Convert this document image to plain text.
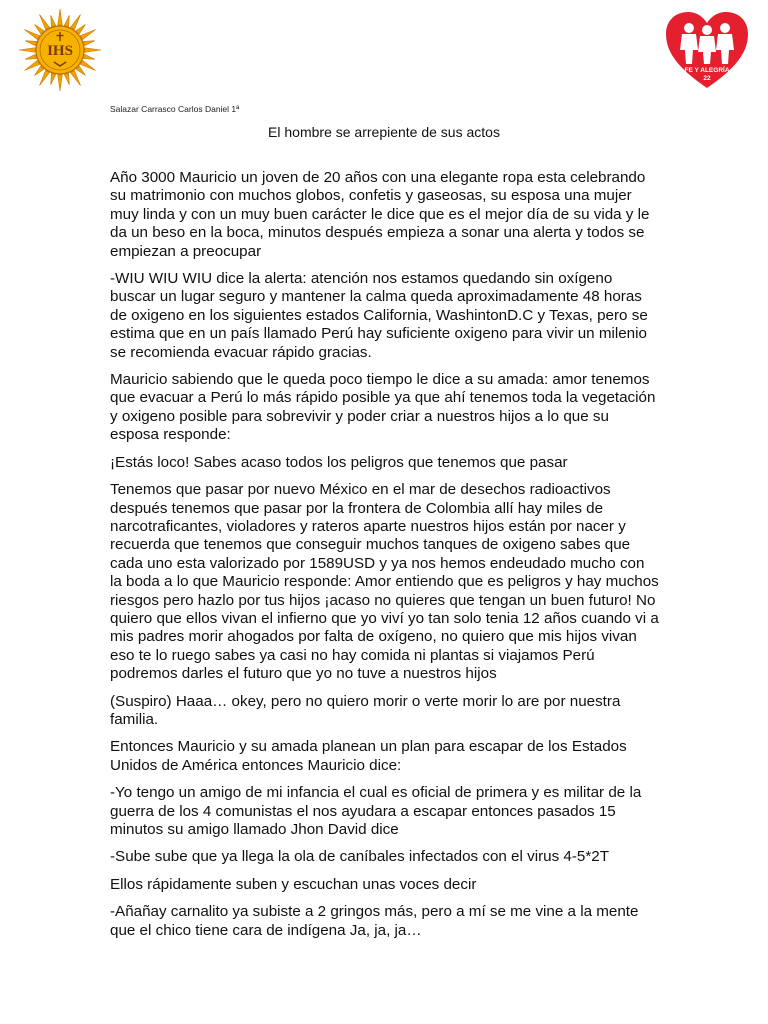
IHS
FE Y ALEGRÍA
22
Salazar Carrasco Carlos Daniel 1ª
El hombre se arrepiente de sus actos

Año 3000 Mauricio un joven de 20 años con una elegante ropa esta celebrando su matrimonio con muchos globos, confetis y gaseosas, su esposa una mujer muy linda y con un muy buen carácter le dice que es el mejor día de su vida y le da un beso en la boca, minutos después empieza a sonar una alerta y todos se empiezan a preocupar

-WIU WIU WIU dice la alerta: atención nos estamos quedando sin oxígeno buscar un lugar seguro y mantener la calma queda aproximadamente 48 horas de oxigeno en los siguientes estados California, WashintonD.C y Texas, pero se estima que en un país llamado Perú hay suficiente oxigeno para vivir un milenio se recomienda evacuar rápido gracias.

Mauricio sabiendo que le queda poco tiempo le dice a su amada: amor tenemos que evacuar a Perú lo más rápido posible ya que ahí tenemos toda la vegetación y oxigeno posible para sobrevivir y poder criar a nuestros hijos a lo que su esposa responde:

¡Estás loco! Sabes acaso todos los peligros que tenemos que pasar

Tenemos que pasar por nuevo México en el mar de desechos radioactivos después tenemos que pasar por la frontera de Colombia allí hay miles de narcotraficantes, violadores y rateros aparte nuestros hijos están por nacer y recuerda que tenemos que conseguir muchos tanques de oxigeno sabes que cada uno esta valorizado por 1589USD y ya nos hemos endeudado mucho con la boda a lo que Mauricio responde: Amor entiendo que es peligros y hay muchos riesgos pero hazlo por tus hijos ¡acaso no quieres que tengan un buen futuro! No quiero que ellos vivan el infierno que yo viví yo tan solo tenia 12 años cuando vi a mis padres morir ahogados por falta de oxígeno, no quiero que mis hijos vivan eso te lo ruego sabes ya casi no hay comida ni plantas si viajamos Perú podremos darles el futuro que yo no tuve a nuestros hijos

(Suspiro) Haaa… okey, pero no quiero morir o verte morir lo are por nuestra familia.

Entonces Mauricio y su amada planean un plan para escapar de los Estados Unidos de América entonces Mauricio dice:

-Yo tengo un amigo de mi infancia el cual es oficial de primera y es militar de la guerra de los 4 comunistas el nos ayudara a escapar entonces pasados 15 minutos su amigo llamado Jhon David dice

-Sube sube que ya llega la ola de caníbales infectados con el virus 4-5*2T

Ellos rápidamente suben y escuchan unas voces decir

-Añañay carnalito ya subiste a 2 gringos más, pero a mí se me vine a la mente que el chico tiene cara de indígena Ja, ja, ja…
